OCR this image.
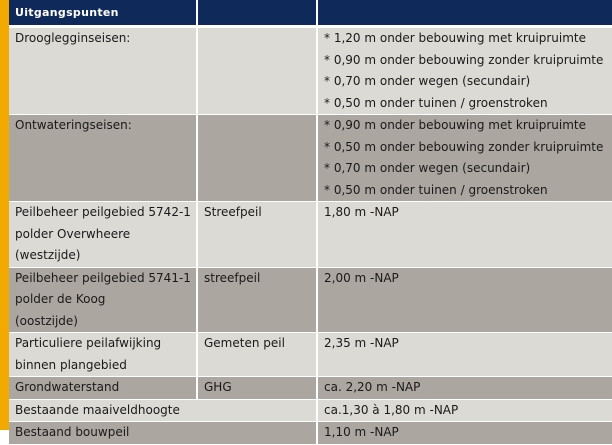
Uitgangspunten		
Drooglegginseisen:		* 1,20 m onder bebouwing met kruipruimte
* 0,90 m onder bebouwing zonder kruipruimte
* 0,70 m onder wegen (secundair)
* 0,50 m onder tuinen / groenstroken

Ontwateringseisen:		* 0,90 m onder bebouwing met kruipruimte
* 0,50 m onder bebouwing zonder kruipruimte
* 0,70 m onder wegen (secundair)
* 0,50 m onder tuinen / groenstroken

Peilbeheer peilgebied 5742-1
polder Overwheere
(westzijde)	Streefpeil	1,80 m -NAP

Peilbeheer peilgebied 5741-1
polder de Koog
(oostzijde)	streefpeil	2,00 m -NAP

Particuliere peilafwijking
binnen plangebied	Gemeten peil	2,35 m -NAP
Grondwaterstand	GHG	ca. 2,20 m -NAP
Bestaande maaiveldhoogte		ca.1,30 à 1,80 m -NAP
Bestaand bouwpeil		1,10 m -NAP
